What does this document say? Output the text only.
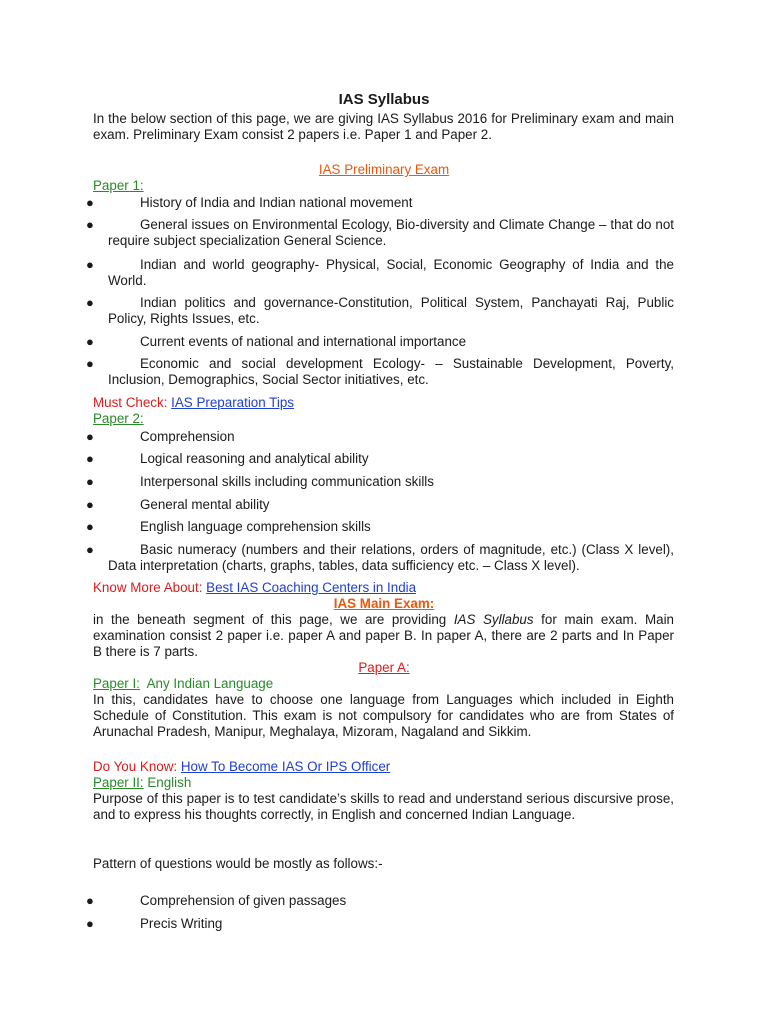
IAS Syllabus
In the below section of this page, we are giving IAS Syllabus 2016 for Preliminary exam and main exam. Preliminary Exam consist 2 papers i.e. Paper 1 and Paper 2.
IAS Preliminary Exam
Paper 1:
●	History of India and Indian national movement
●	General issues on Environmental Ecology, Bio-diversity and Climate Change – that do not require subject specialization General Science.
●	Indian and world geography- Physical, Social, Economic Geography of India and the World.
●	Indian politics and governance-Constitution, Political System, Panchayati Raj, Public Policy, Rights Issues, etc.
●	Current events of national and international importance
●	Economic and social development Ecology- – Sustainable Development, Poverty, Inclusion, Demographics, Social Sector initiatives, etc.
Must Check: IAS Preparation Tips
Paper 2:
●	Comprehension
●	Logical reasoning and analytical ability
●	Interpersonal skills including communication skills
●	General mental ability
●	English language comprehension skills
●	Basic numeracy (numbers and their relations, orders of magnitude, etc.) (Class X level), Data interpretation (charts, graphs, tables, data sufficiency etc. – Class X level).
Know More About: Best IAS Coaching Centers in India
IAS Main Exam:
in the beneath segment of this page, we are providing IAS Syllabus for main exam. Main examination consist 2 paper i.e. paper A and paper B. In paper A, there are 2 parts and In Paper B there is 7 parts.
Paper A:
Paper I:  Any Indian Language
In this, candidates have to choose one language from Languages which included in Eighth Schedule of Constitution. This exam is not compulsory for candidates who are from States of Arunachal Pradesh, Manipur, Meghalaya, Mizoram, Nagaland and Sikkim.
Do You Know: How To Become IAS Or IPS Officer
Paper II: English
Purpose of this paper is to test candidate’s skills to read and understand serious discursive prose, and to express his thoughts correctly, in English and concerned Indian Language.
Pattern of questions would be mostly as follows:-
●	Comprehension of given passages
●	Precis Writing
